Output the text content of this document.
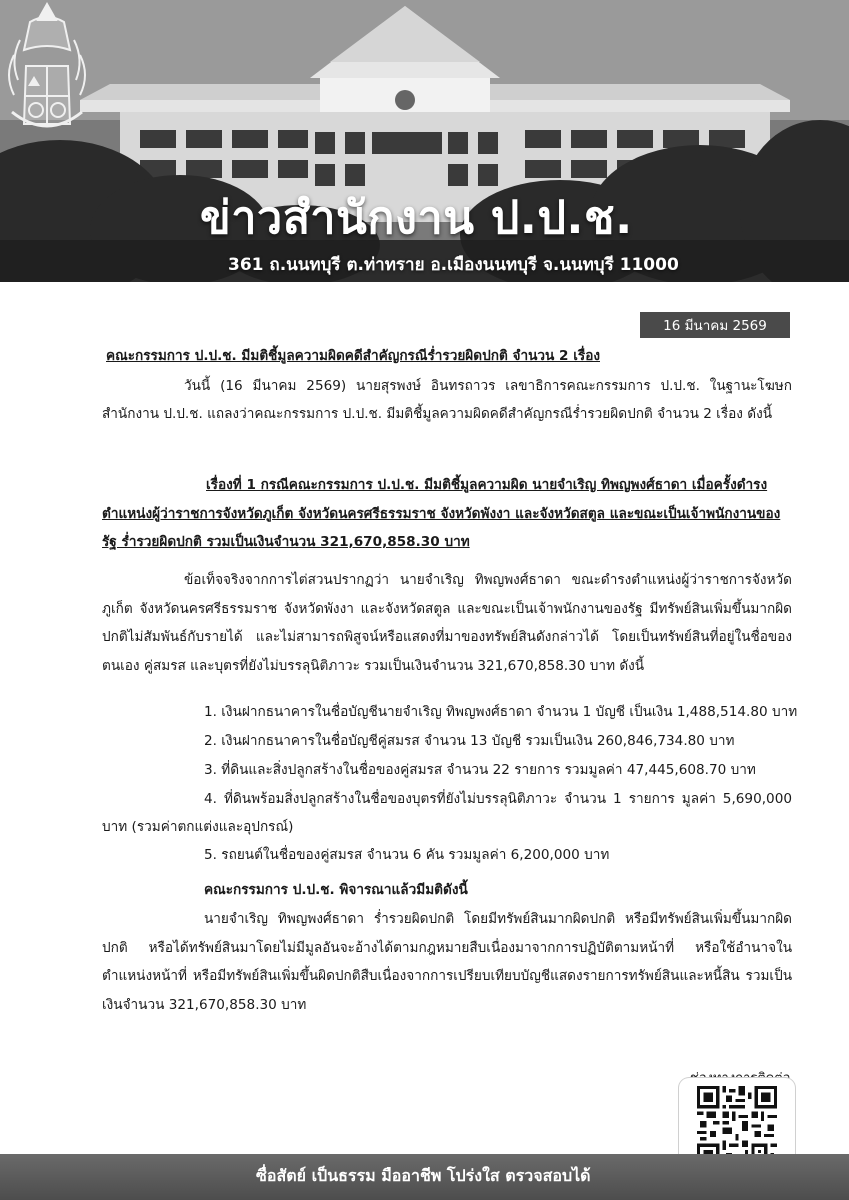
ข่าวสำนักงาน ป.ป.ช.
361 ถ.นนทบุรี ต.ท่าทราย อ.เมืองนนทบุรี จ.นนทบุรี 11000
16 มีนาคม 2569
คณะกรรมการ ป.ป.ช. มีมติชี้มูลความผิดคดีสำคัญกรณีร่ำรวยผิดปกติ จำนวน 2 เรื่อง
วันนี้ (16 มีนาคม 2569) นายสุรพงษ์ อินทรถาวร เลขาธิการคณะกรรมการ ป.ป.ช. ในฐานะโฆษกสำนักงาน ป.ป.ช. แถลงว่าคณะกรรมการ ป.ป.ช. มีมติชี้มูลความผิดคดีสำคัญกรณีร่ำรวยผิดปกติ จำนวน 2 เรื่อง ดังนี้
เรื่องที่ 1 กรณีคณะกรรมการ ป.ป.ช. มีมติชี้มูลความผิด นายจำเริญ ทิพญพงศ์ธาดา เมื่อครั้งดำรงตำแหน่งผู้ว่าราชการจังหวัดภูเก็ต จังหวัดนครศรีธรรมราช จังหวัดพังงา และจังหวัดสตูล และขณะเป็นเจ้าพนักงานของรัฐ ร่ำรวยผิดปกติ รวมเป็นเงินจำนวน 321,670,858.30 บาท
ข้อเท็จจริงจากการไต่สวนปรากฏว่า นายจำเริญ ทิพญพงศ์ธาดา ขณะดำรงตำแหน่งผู้ว่าราชการจังหวัดภูเก็ต จังหวัดนครศรีธรรมราช จังหวัดพังงา และจังหวัดสตูล และขณะเป็นเจ้าพนักงานของรัฐ มีทรัพย์สินเพิ่มขึ้นมากผิดปกติไม่สัมพันธ์กับรายได้ และไม่สามารถพิสูจน์หรือแสดงที่มาของทรัพย์สินดังกล่าวได้ โดยเป็นทรัพย์สินที่อยู่ในชื่อของตนเอง คู่สมรส และบุตรที่ยังไม่บรรลุนิติภาวะ รวมเป็นเงินจำนวน 321,670,858.30 บาท ดังนี้
1. เงินฝากธนาคารในชื่อบัญชีนายจำเริญ ทิพญพงศ์ธาดา จำนวน 1 บัญชี เป็นเงิน 1,488,514.80 บาท
2. เงินฝากธนาคารในชื่อบัญชีคู่สมรส จำนวน 13 บัญชี รวมเป็นเงิน 260,846,734.80 บาท
3. ที่ดินและสิ่งปลูกสร้างในชื่อของคู่สมรส จำนวน 22 รายการ รวมมูลค่า 47,445,608.70 บาท
4. ที่ดินพร้อมสิ่งปลูกสร้างในชื่อของบุตรที่ยังไม่บรรลุนิติภาวะ จำนวน 1 รายการ มูลค่า 5,690,000 บาท (รวมค่าตกแต่งและอุปกรณ์)
5. รถยนต์ในชื่อของคู่สมรส จำนวน 6 คัน รวมมูลค่า 6,200,000 บาท
คณะกรรมการ ป.ป.ช. พิจารณาแล้วมีมติดังนี้
นายจำเริญ ทิพญพงศ์ธาดา ร่ำรวยผิดปกติ โดยมีทรัพย์สินมากผิดปกติ หรือมีทรัพย์สินเพิ่มขึ้นมากผิดปกติ หรือได้ทรัพย์สินมาโดยไม่มีมูลอันจะอ้างได้ตามกฎหมายสืบเนื่องมาจากการปฏิบัติตามหน้าที่ หรือใช้อำนาจในตำแหน่งหน้าที่ หรือมีทรัพย์สินเพิ่มขึ้นผิดปกติสืบเนื่องจากการเปรียบเทียบบัญชีแสดงรายการทรัพย์สินและหนี้สิน รวมเป็นเงินจำนวน 321,670,858.30 บาท
ซื่อสัตย์ เป็นธรรม มืออาชีพ โปร่งใส ตรวจสอบได้
